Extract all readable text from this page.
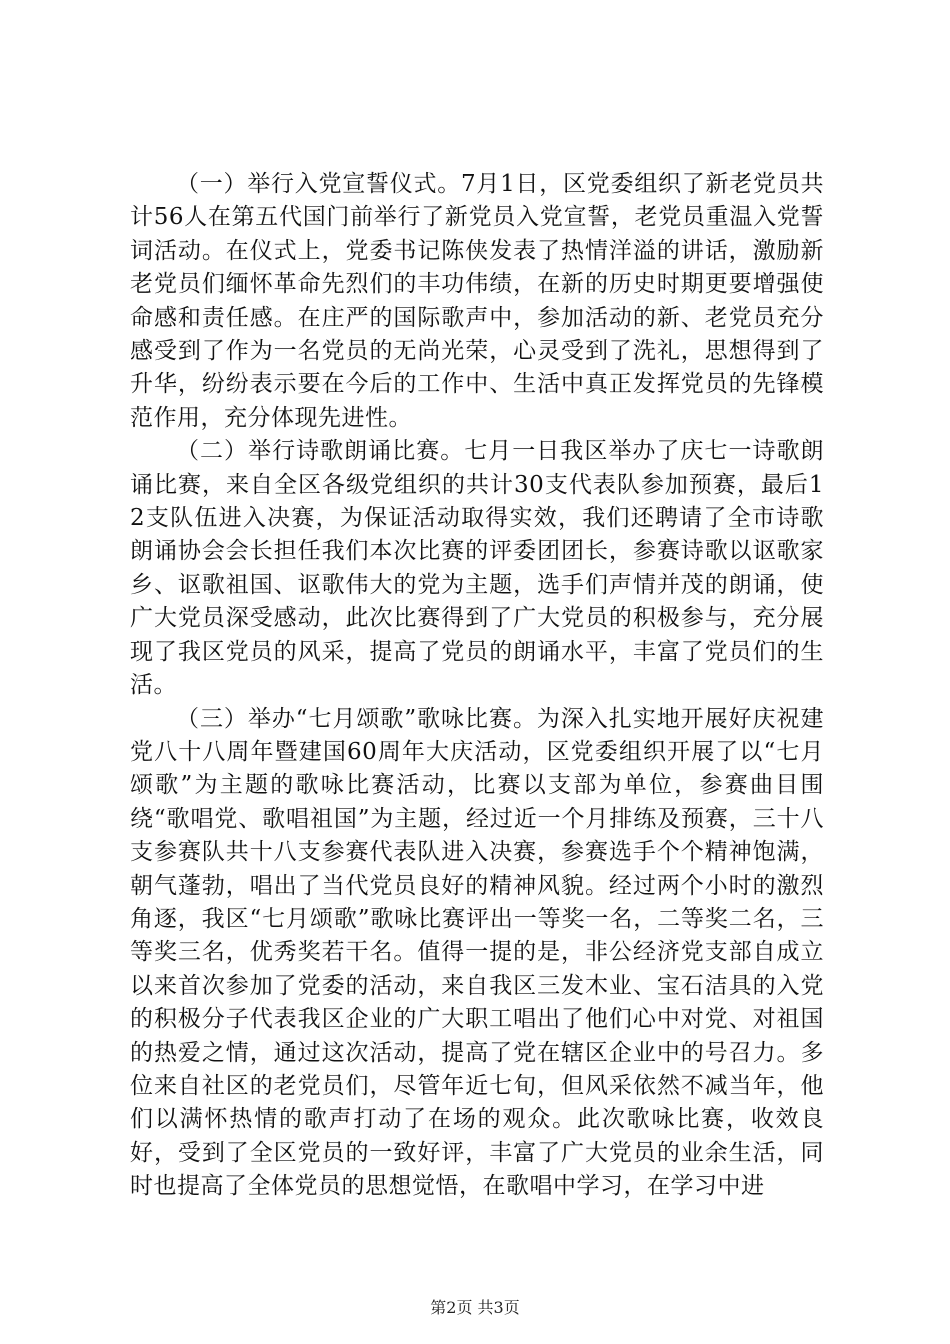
（一）举行入党宣誓仪式。7月1日，区党委组织了新老党员共计56人在第五代国门前举行了新党员入党宣誓，老党员重温入党誓词活动。在仪式上，党委书记陈侠发表了热情洋溢的讲话，激励新老党员们缅怀革命先烈们的丰功伟绩，在新的历史时期更要增强使命感和责任感。在庄严的国际歌声中，参加活动的新、老党员充分感受到了作为一名党员的无尚光荣，心灵受到了洗礼，思想得到了升华，纷纷表示要在今后的工作中、生活中真正发挥党员的先锋模范作用，充分体现先进性。

（二）举行诗歌朗诵比赛。七月一日我区举办了庆七一诗歌朗诵比赛，来自全区各级党组织的共计30支代表队参加预赛，最后12支队伍进入决赛，为保证活动取得实效，我们还聘请了全市诗歌朗诵协会会长担任我们本次比赛的评委团团长，参赛诗歌以讴歌家乡、讴歌祖国、讴歌伟大的党为主题，选手们声情并茂的朗诵，使广大党员深受感动，此次比赛得到了广大党员的积极参与，充分展现了我区党员的风采，提高了党员的朗诵水平，丰富了党员们的生活。

（三）举办“七月颂歌”歌咏比赛。为深入扎实地开展好庆祝建党八十八周年暨建国60周年大庆活动，区党委组织开展了以“七月颂歌”为主题的歌咏比赛活动，比赛以支部为单位，参赛曲目围绕“歌唱党、歌唱祖国”为主题，经过近一个月排练及预赛，三十八支参赛队共十八支参赛代表队进入决赛，参赛选手个个精神饱满，朝气蓬勃，唱出了当代党员良好的精神风貌。经过两个小时的激烈角逐，我区“七月颂歌”歌咏比赛评出一等奖一名，二等奖二名，三等奖三名，优秀奖若干名。值得一提的是，非公经济党支部自成立以来首次参加了党委的活动，来自我区三发木业、宝石洁具的入党的积极分子代表我区企业的广大职工唱出了他们心中对党、对祖国的热爱之情，通过这次活动，提高了党在辖区企业中的号召力。多位来自社区的老党员们，尽管年近七旬，但风采依然不减当年，他们以满怀热情的歌声打动了在场的观众。此次歌咏比赛，收效良好，受到了全区党员的一致好评，丰富了广大党员的业余生活，同时也提高了全体党员的思想觉悟，在歌唱中学习，在学习中进

第2页 共3页
